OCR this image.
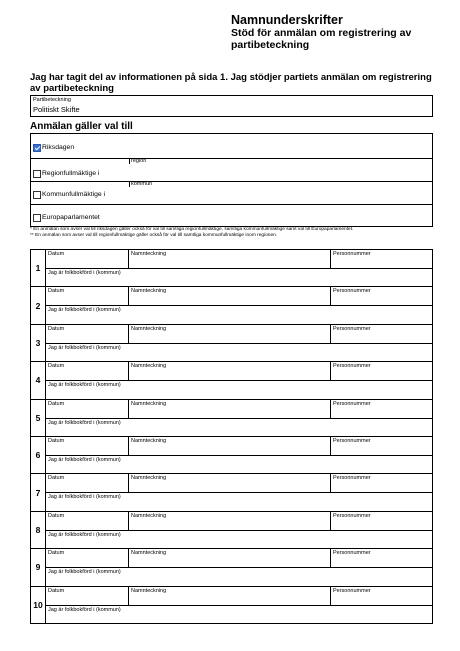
Namnunderskrifter
Stöd för anmälan om registrering av
partibeteckning
Jag har tagit del av informationen på sida 1. Jag stödjer partiets anmälan om registrering
av partibeteckning
Partibeteckning
Politiskt Skifte
Anmälan gäller val till
Riksdagen
Regionfullmäktige i
region
Kommunfullmäktige i
kommun
Europaparlamentet
* En anmälan som avser val till riksdagen gäller också för val till samtliga regionfullmäktige, samtliga kommunfullmäktige samt val till Europaparlamentet.
** En anmälan som avser val till regionfullmäktige gäller också för val till samtliga kommunfullmäktige inom regionen.
1
Datum	Namnteckning	Personnummer
Jag är folkbokförd i (kommun)
2
Datum	Namnteckning	Personnummer
Jag är folkbokförd i (kommun)
3
Datum	Namnteckning	Personnummer
Jag är folkbokförd i (kommun)
4
Datum	Namnteckning	Personnummer
Jag är folkbokförd i (kommun)
5
Datum	Namnteckning	Personnummer
Jag är folkbokförd i (kommun)
6
Datum	Namnteckning	Personnummer
Jag är folkbokförd i (kommun)
7
Datum	Namnteckning	Personnummer
Jag är folkbokförd i (kommun)
8
Datum	Namnteckning	Personnummer
Jag är folkbokförd i (kommun)
9
Datum	Namnteckning	Personnummer
Jag är folkbokförd i (kommun)
10
Datum	Namnteckning	Personnummer
Jag är folkbokförd i (kommun)
